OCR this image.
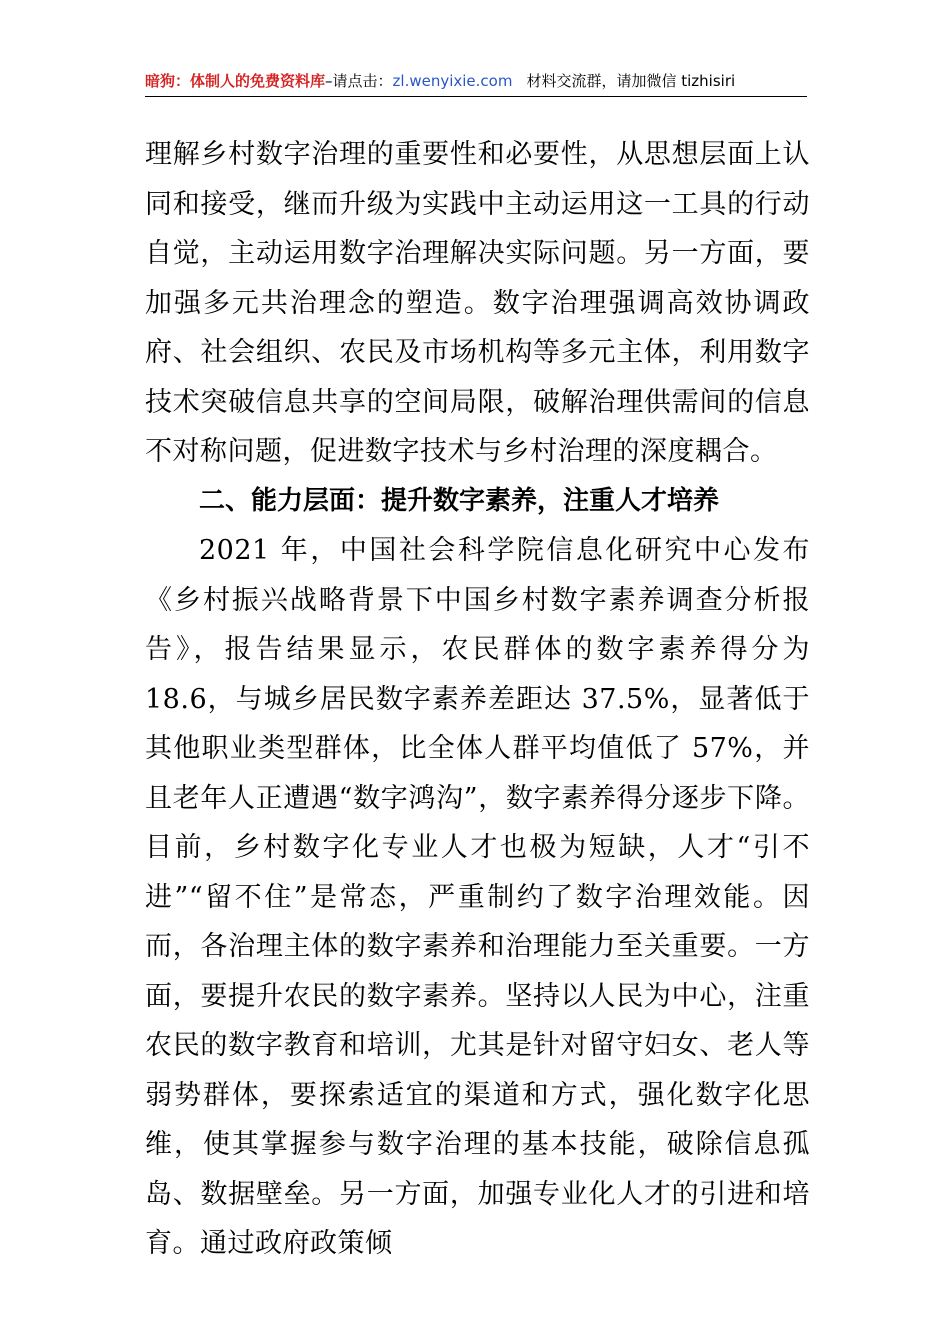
暗狗：体制人的免费资料库–请点击：zl.wenyixie.com 材料交流群，请加微信 tizhisiri

理解乡村数字治理的重要性和必要性，从思想层面上认同和接受，继而升级为实践中主动运用这一工具的行动自觉，主动运用数字治理解决实际问题。另一方面，要加强多元共治理念的塑造。数字治理强调高效协调政府、社会组织、农民及市场机构等多元主体，利用数字技术突破信息共享的空间局限，破解治理供需间的信息不对称问题，促进数字技术与乡村治理的深度耦合。

二、能力层面：提升数字素养，注重人才培养

2021 年，中国社会科学院信息化研究中心发布《乡村振兴战略背景下中国乡村数字素养调查分析报告》，报告结果显示，农民群体的数字素养得分为 18.6，与城乡居民数字素养差距达 37.5%，显著低于其他职业类型群体，比全体人群平均值低了 57%，并且老年人正遭遇“数字鸿沟”，数字素养得分逐步下降。目前，乡村数字化专业人才也极为短缺，人才“引不进”“留不住”是常态，严重制约了数字治理效能。因而，各治理主体的数字素养和治理能力至关重要。一方面，要提升农民的数字素养。坚持以人民为中心，注重农民的数字教育和培训，尤其是针对留守妇女、老人等弱势群体，要探索适宜的渠道和方式，强化数字化思维，使其掌握参与数字治理的基本技能，破除信息孤岛、数据壁垒。另一方面，加强专业化人才的引进和培育。通过政府政策倾
